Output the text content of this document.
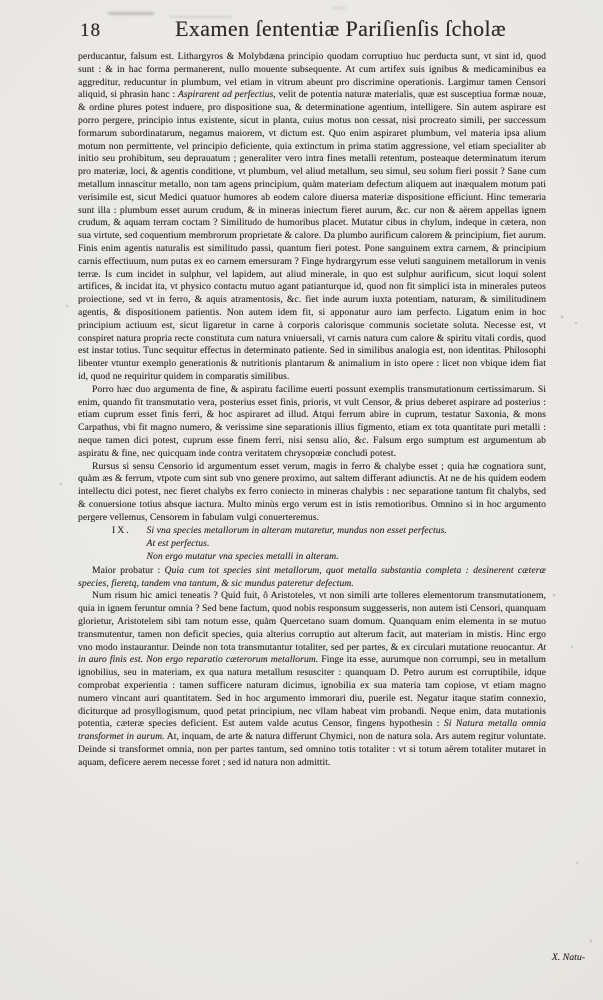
18	Examen ſententiæ Pariſienſis ſcholæ

perducantur, falsum est. Lithargyros & Molybdæna principio quodam corruptiuo huc perducta sunt, vt sint id, quod sunt : & in hac forma permanerent, nullo mouente subsequente. At cum artifex suis ignibus & medicaminibus ea aggreditur, reducuntur in plumbum, vel etiam in vitrum abeunt pro discrimine operationis. Largimur tamen Censori aliquid, si phrasin hanc : Aspirarent ad perfectius, velit de potentia naturæ materialis, quæ est susceptiua formæ nouæ, & ordine plures potest induere, pro dispositione sua, & determinatione agentium, intelligere. Sin autem aspirare est porro pergere, principio intus existente, sicut in planta, cuius motus non cessat, nisi procreato simili, per successum formarum subordinatarum, negamus maiorem, vt dictum est. Quo enim aspiraret plumbum, vel materia ipsa alium motum non permittente, vel principio deficiente, quia extinctum in prima statim aggressione, vel etiam specialiter ab initio seu prohibitum, seu deprauatum ; generaliter vero intra fines metalli retentum, posteaque determinatum iterum pro materiæ, loci, & agentis conditione, vt plumbum, vel aliud metallum, seu simul, seu solum fieri possit ? Sane cum metallum innascitur metallo, non tam agens principium, quàm materiam defectum aliquem aut inæqualem motum pati verisimile est, sicut Medici quatuor humores ab eodem calore diuersa materiæ dispositione efficiunt. Hinc temeraria sunt illa : plumbum esset aurum crudum, & in mineras iniectum fieret aurum, &c. cur non & aërem appellas ignem crudum, & aquam terram coctam ? Similitudo de humoribus placet. Mutatur cibus in chylum, indeque in cætera, non sua virtute, sed coquentium membrorum proprietate & calore. Da plumbo aurificum calorem & principium, fiet aurum. Finis enim agentis naturalis est similitudo passi, quantum fieri potest. Pone sanguinem extra carnem, & principium carnis effectiuum, num putas ex eo carnem emersuram ? Finge hydrargyrum esse veluti sanguinem metallorum in venis terræ. Is cum incidet in sulphur, vel lapidem, aut aliud minerale, in quo est sulphur aurificum, sicut loqui solent artifices, & incidat ita, vt physico contactu mutuo agant patianturque id, quod non fit simplici ista in minerales puteos proiectione, sed vt in ferro, & aquis atramentosis, &c. fiet inde aurum iuxta potentiam, naturam, & similitudinem agentis, & dispositionem patientis. Non autem idem fit, si apponatur auro iam perfecto. Ligatum enim in hoc principium actiuum est, sicut ligaretur in carne à corporis calorisque communis societate soluta. Necesse est, vt conspiret natura propria recte constituta cum natura vniuersali, vt carnis natura cum calore & spiritu vitali cordis, quod est instar totius. Tunc sequitur effectus in determinato patiente. Sed in similibus analogia est, non identitas. Philosophi libenter vtuntur exemplo generationis & nutritionis plantarum & animalium in isto opere : licet non vbique idem fiat id, quod ne requiritur quidem in comparatis similibus.

Porro hæc duo argumenta de fine, & aspiratu facilime euerti possunt exemplis transmutationum certissimarum. Si enim, quando fit transmutatio vera, posterius esset finis, prioris, vt vult Censor, & prius deberet aspirare ad posterius : etiam cuprum esset finis ferri, & hoc aspiraret ad illud. Atqui ferrum abire in cuprum, testatur Saxonia, & mons Carpathus, vbi fit magno numero, & verissime sine separationis illius figmento, etiam ex tota quantitate puri metalli : neque tamen dici potest, cuprum esse finem ferri, nisi sensu alio, &c. Falsum ergo sumptum est argumentum ab aspiratu & fine, nec quicquam inde contra veritatem chrysopœiæ concludi potest.

Rursus si sensu Censorio id argumentum esset verum, magis in ferro & chalybe esset ; quia hæ cognatiora sunt, quàm æs & ferrum, vtpote cum sint sub vno genere proximo, aut saltem differant adiunctis. At ne de his quidem eodem intellectu dici potest, nec fieret chalybs ex ferro coniecto in mineras chalybis : nec separatione tantum fit chalybs, sed & conuersione totius absque iactura. Multo minùs ergo verum est in istis remotioribus. Omnino si in hoc argumento pergere vellemus, Censorem in fabulam vulgi conuerteremus.

IX. Si vna species metallorum in alteram mutaretur, mundus non esset perfectus.

At est perfectus.

Non ergo mutatur vna species metalli in alteram.

Maior probatur : Quia cum tot species sint metallorum, quot metalla substantia completa : desinerent cæteræ species, fieretq, tandem vna tantum, & sic mundus pateretur defectum.

Num risum hic amici teneatis ? Quid fuit, ô Aristoteles, vt non simili arte tolleres elementorum transmutationem, quia in ignem feruntur omnia ? Sed bene factum, quod nobis responsum suggesseris, non autem isti Censori, quanquam glorietur, Aristotelem sibi tam notum esse, quàm Quercetano suam domum. Quanquam enim elementa in se mutuo transmutentur, tamen non deficit species, quia alterius corruptio aut alterum facit, aut materiam in mistis. Hinc ergo vno modo instaurantur. Deinde non tota transmutantur totaliter, sed per partes, & ex circulari mutatione reuocantur. At in auro finis est. Non ergo reparatio cæterorum metallorum. Finge ita esse, aurumque non corrumpi, seu in metallum ignobilius, seu in materiam, ex qua natura metallum resusciter : quanquam D. Petro aurum est corruptibile, idque comprobat experientia : tamen sufficere naturam dicimus, ignobilia ex sua materia tam copiose, vt etiam magno numero vincant auri quantitatem. Sed in hoc argumento immorari diu, puerile est. Negatur itaque statim connexio, diciturque ad prosyllogismum, quod petat principium, nec vllam habeat vim probandi. Neque enim, data mutationis potentia, cæteræ species deficient. Est autem valde acutus Censor, fingens hypothesin : Si Natura metalla omnia transformet in aurum. At, inquam, de arte & natura differunt Chymici, non de natura sola. Ars autem regitur voluntate. Deinde si transformet omnia, non per partes tantum, sed omnino totis totaliter : vt si totum aërem totaliter mutaret in aquam, deficere aerem necesse foret ; sed id natura non admittit.

X. Natu-
